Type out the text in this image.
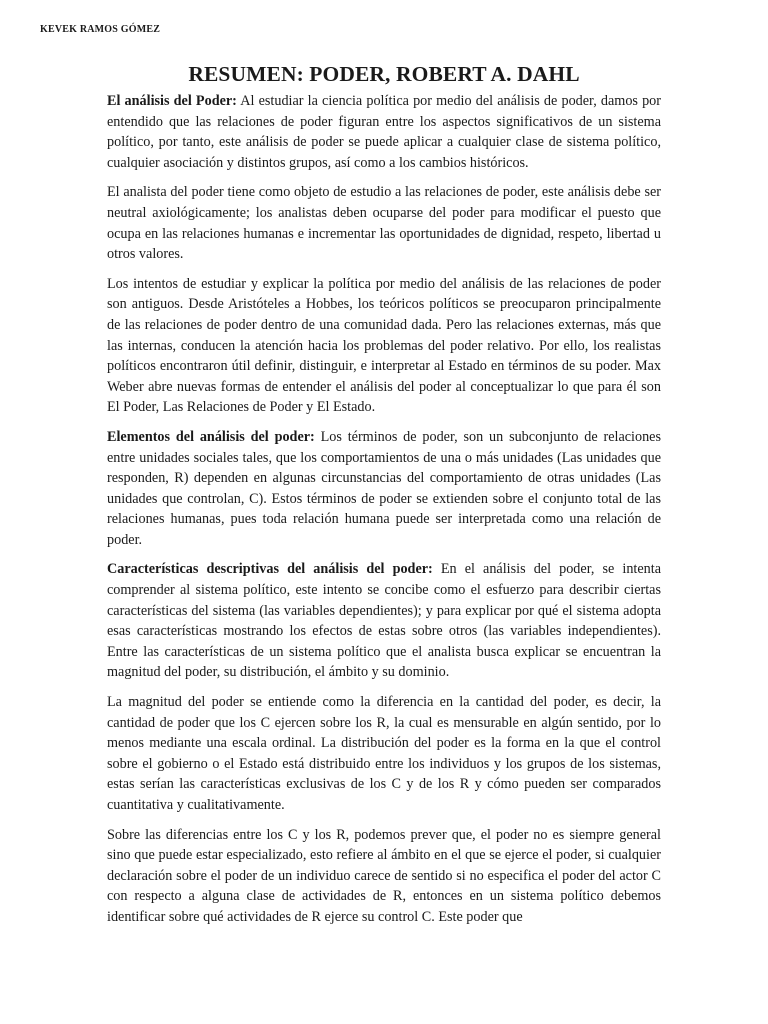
KEVEK RAMOS GÓMEZ
RESUMEN: PODER, ROBERT A. DAHL

El análisis del Poder: Al estudiar la ciencia política por medio del análisis de poder, damos por entendido que las relaciones de poder figuran entre los aspectos significativos de un sistema político, por tanto, este análisis de poder se puede aplicar a cualquier clase de sistema político, cualquier asociación y distintos grupos, así como a los cambios históricos.

El analista del poder tiene como objeto de estudio a las relaciones de poder, este análisis debe ser neutral axiológicamente; los analistas deben ocuparse del poder para modificar el puesto que ocupa en las relaciones humanas e incrementar las oportunidades de dignidad, respeto, libertad u otros valores.

Los intentos de estudiar y explicar la política por medio del análisis de las relaciones de poder son antiguos. Desde Aristóteles a Hobbes, los teóricos políticos se preocuparon principalmente de las relaciones de poder dentro de una comunidad dada. Pero las relaciones externas, más que las internas, conducen la atención hacia los problemas del poder relativo. Por ello, los realistas políticos encontraron útil definir, distinguir, e interpretar al Estado en términos de su poder. Max Weber abre nuevas formas de entender el análisis del poder al conceptualizar lo que para él son El Poder, Las Relaciones de Poder y El Estado.

Elementos del análisis del poder: Los términos de poder, son un subconjunto de relaciones entre unidades sociales tales, que los comportamientos de una o más unidades (Las unidades que responden, R) dependen en algunas circunstancias del comportamiento de otras unidades (Las unidades que controlan, C). Estos términos de poder se extienden sobre el conjunto total de las relaciones humanas, pues toda relación humana puede ser interpretada como una relación de poder.

Características descriptivas del análisis del poder: En el análisis del poder, se intenta comprender al sistema político, este intento se concibe como el esfuerzo para describir ciertas características del sistema (las variables dependientes); y para explicar por qué el sistema adopta esas características mostrando los efectos de estas sobre otros (las variables independientes). Entre las características de un sistema político que el analista busca explicar se encuentran la magnitud del poder, su distribución, el ámbito y su dominio.

La magnitud del poder se entiende como la diferencia en la cantidad del poder, es decir, la cantidad de poder que los C ejercen sobre los R, la cual es mensurable en algún sentido, por lo menos mediante una escala ordinal. La distribución del poder es la forma en la que el control sobre el gobierno o el Estado está distribuido entre los individuos y los grupos de los sistemas, estas serían las características exclusivas de los C y de los R y cómo pueden ser comparados cuantitativa y cualitativamente.

Sobre las diferencias entre los C y los R, podemos prever que, el poder no es siempre general sino que puede estar especializado, esto refiere al ámbito en el que se ejerce el poder, si cualquier declaración sobre el poder de un individuo carece de sentido si no especifica el poder del actor C con respecto a alguna clase de actividades de R, entonces en un sistema político debemos identificar sobre qué actividades de R ejerce su control C. Este poder que
